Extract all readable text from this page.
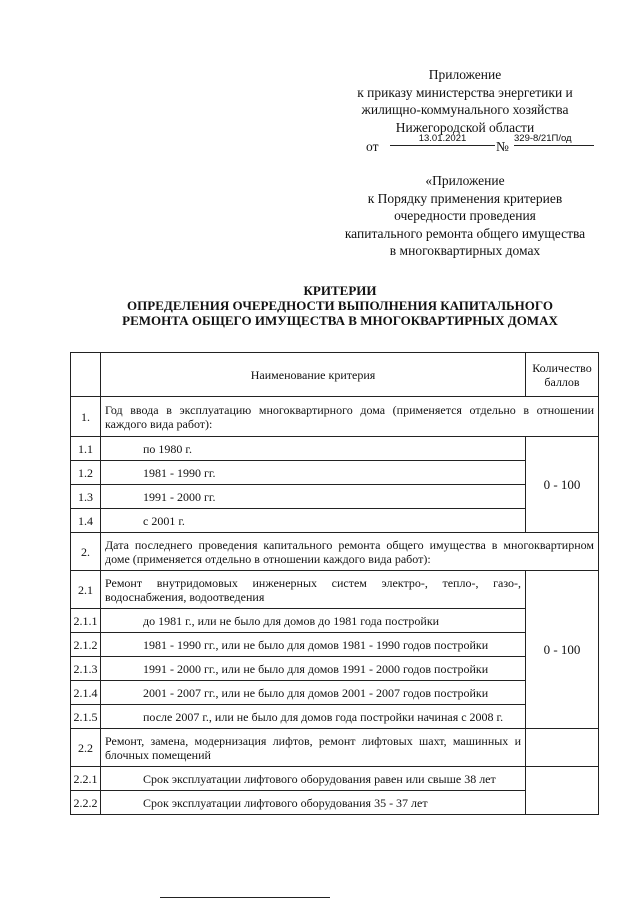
Приложение
к приказу министерства энергетики и
жилищно-коммунального хозяйства
Нижегородской области
от
13.01.2021
№
329-8/21П/од
«Приложение
к Порядку применения критериев
очередности проведения
капитального ремонта общего имущества
в многоквартирных домах
КРИТЕРИИ
ОПРЕДЕЛЕНИЯ ОЧЕРЕДНОСТИ ВЫПОЛНЕНИЯ КАПИТАЛЬНОГО
РЕМОНТА ОБЩЕГО ИМУЩЕСТВА В МНОГОКВАРТИРНЫХ ДОМАХ
	Наименование критерия	Количество баллов
1.	Год ввода в эксплуатацию многоквартирного дома (применяется отдельно в отношении каждого вида работ):	
1.1	по 1980 г.	0 - 100
1.2	1981 - 1990 гг.	
1.3	1991 - 2000 гг.	
1.4	с 2001 г.	
2.	Дата последнего проведения капитального ремонта общего имущества в многоквартирном доме (применяется отдельно в отношении каждого вида работ):	
2.1	Ремонт внутридомовых инженерных систем электро-, тепло-, газо-, водоснабжения, водоотведения	0 - 100
2.1.1	до 1981 г., или не было для домов до 1981 года постройки	
2.1.2	1981 - 1990 гг., или не было для домов 1981 - 1990 годов постройки	
2.1.3	1991 - 2000 гг., или не было для домов 1991 - 2000 годов постройки	
2.1.4	2001 - 2007 гг., или не было для домов 2001 - 2007 годов постройки	
2.1.5	после 2007 г., или не было для домов года постройки начиная с 2008 г.	
2.2	Ремонт, замена, модернизация лифтов, ремонт лифтовых шахт, машинных и блочных помещений	
2.2.1	Срок эксплуатации лифтового оборудования равен или свыше 38 лет	
2.2.2	Срок эксплуатации лифтового оборудования 35 - 37 лет	
